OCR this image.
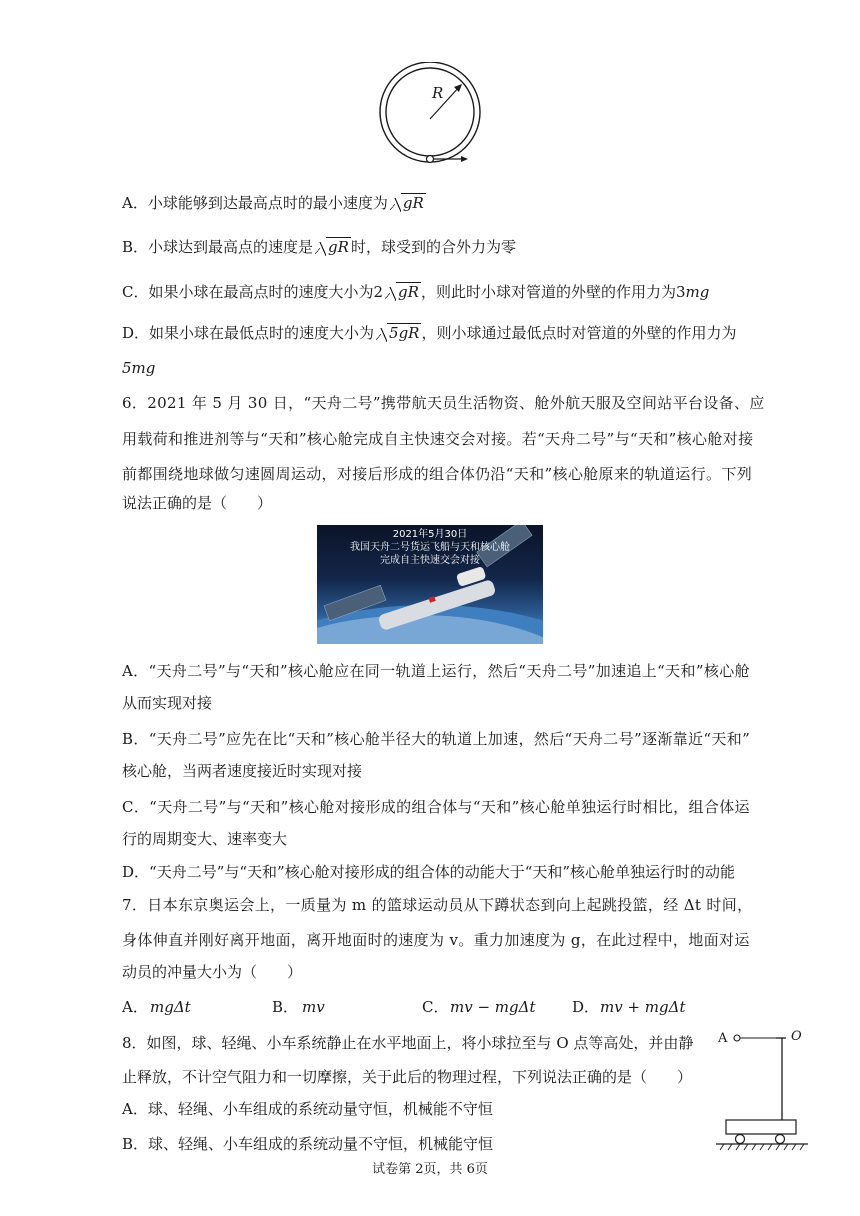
R
A．小球能够到达最高点时的最小速度为 gR
B．小球达到最高点的速度是 gR 时，球受到的合外力为零
C．如果小球在最高点时的速度大小为2 gR ，则此时小球对管道的外壁的作用力为3mg
D．如果小球在最低点时的速度大小为 5gR ，则小球通过最低点时对管道的外壁的作用力为
5mg
6．2021 年 5 月 30 日，“天舟二号”携带航天员生活物资、舱外航天服及空间站平台设备、应
用载荷和推进剂等与“天和”核心舱完成自主快速交会对接。若“天舟二号”与“天和”核心舱对接
前都围绕地球做匀速圆周运动，对接后形成的组合体仍沿“天和”核心舱原来的轨道运行。下列
说法正确的是（　　）
2021年5月30日
我国天舟二号货运飞船与天和核心舱
完成自主快速交会对接
A．“天舟二号”与“天和”核心舱应在同一轨道上运行，然后“天舟二号”加速追上“天和”核心舱
从而实现对接
B．“天舟二号”应先在比“天和”核心舱半径大的轨道上加速，然后“天舟二号”逐渐靠近“天和”
核心舱，当两者速度接近时实现对接
C．“天舟二号”与“天和”核心舱对接形成的组合体与“天和”核心舱单独运行时相比，组合体运
行的周期变大、速率变大
D．“天舟二号”与“天和”核心舱对接形成的组合体的动能大于“天和”核心舱单独运行时的动能
7．日本东京奥运会上，一质量为 m 的篮球运动员从下蹲状态到向上起跳投篮，经 Δt 时间，
身体伸直并刚好离开地面，离开地面时的速度为 v。重力加速度为 g，在此过程中，地面对运
动员的冲量大小为（　　）
A． mgΔt	B． mv	C． mv − mgΔt D． mv + mgΔt
8．如图，球、轻绳、小车系统静止在水平地面上，将小球拉至与 O 点等高处，并由静
止释放，不计空气阻力和一切摩擦，关于此后的物理过程，下列说法正确的是（　　）
A．球、轻绳、小车组成的系统动量守恒，机械能不守恒
B．球、轻绳、小车组成的系统动量不守恒，机械能守恒
A	O
试卷第 2页，共 6页
